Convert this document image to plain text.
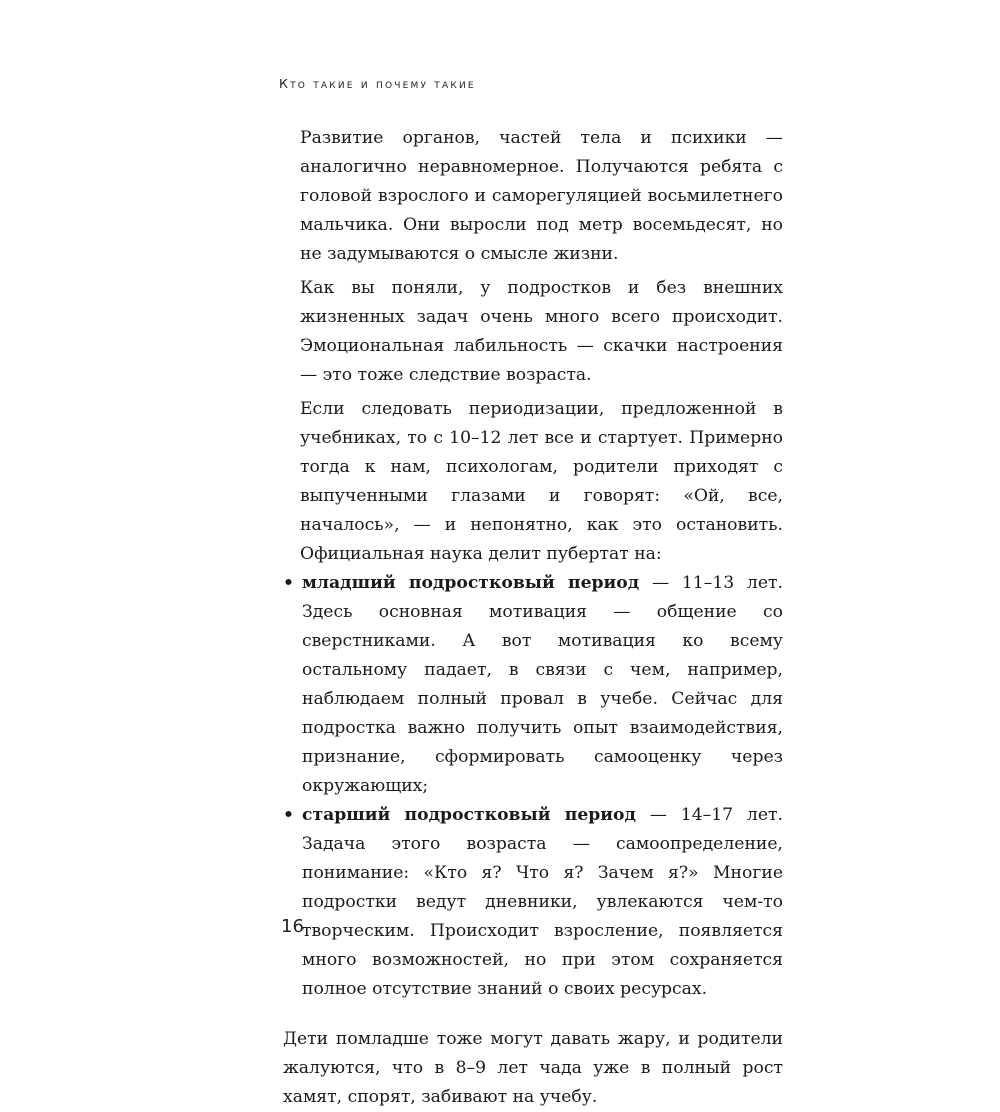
Кто такие и почему такие

Развитие органов, частей тела и психики — аналогично неравномерное. Получаются ребята с головой взрослого и саморегуляцией восьмилетнего мальчика. Они выросли под метр восемьдесят, но не задумываются о смысле жизни.

Как вы поняли, у подростков и без внешних жизненных задач очень много всего происходит. Эмоциональная лабильность — скачки настроения — это тоже следствие возраста.

Если следовать периодизации, предложенной в учебниках, то с 10–12 лет все и стартует. Примерно тогда к нам, психологам, родители приходят с выпученными глазами и говорят: «Ой, все, началось», — и непонятно, как это остановить. Официальная наука делит пубертат на:

• младший подростковый период — 11–13 лет. Здесь основная мотивация — общение со сверстниками. А вот мотивация ко всему остальному падает, в связи с чем, например, наблюдаем полный провал в учебе. Сейчас для подростка важно получить опыт взаимодействия, признание, сформировать самооценку через окружающих;
• старший подростковый период — 14–17 лет. Задача этого возраста — самоопределение, понимание: «Кто я? Что я? Зачем я?» Многие подростки ведут дневники, увлекаются чем-то творческим. Происходит взросление, появляется много возможностей, но при этом сохраняется полное отсутствие знаний о своих ресурсах.

Дети помладше тоже могут давать жару, и родители жалуются, что в 8–9 лет чада уже в полный рост хамят, спорят, забивают на учебу.

16
